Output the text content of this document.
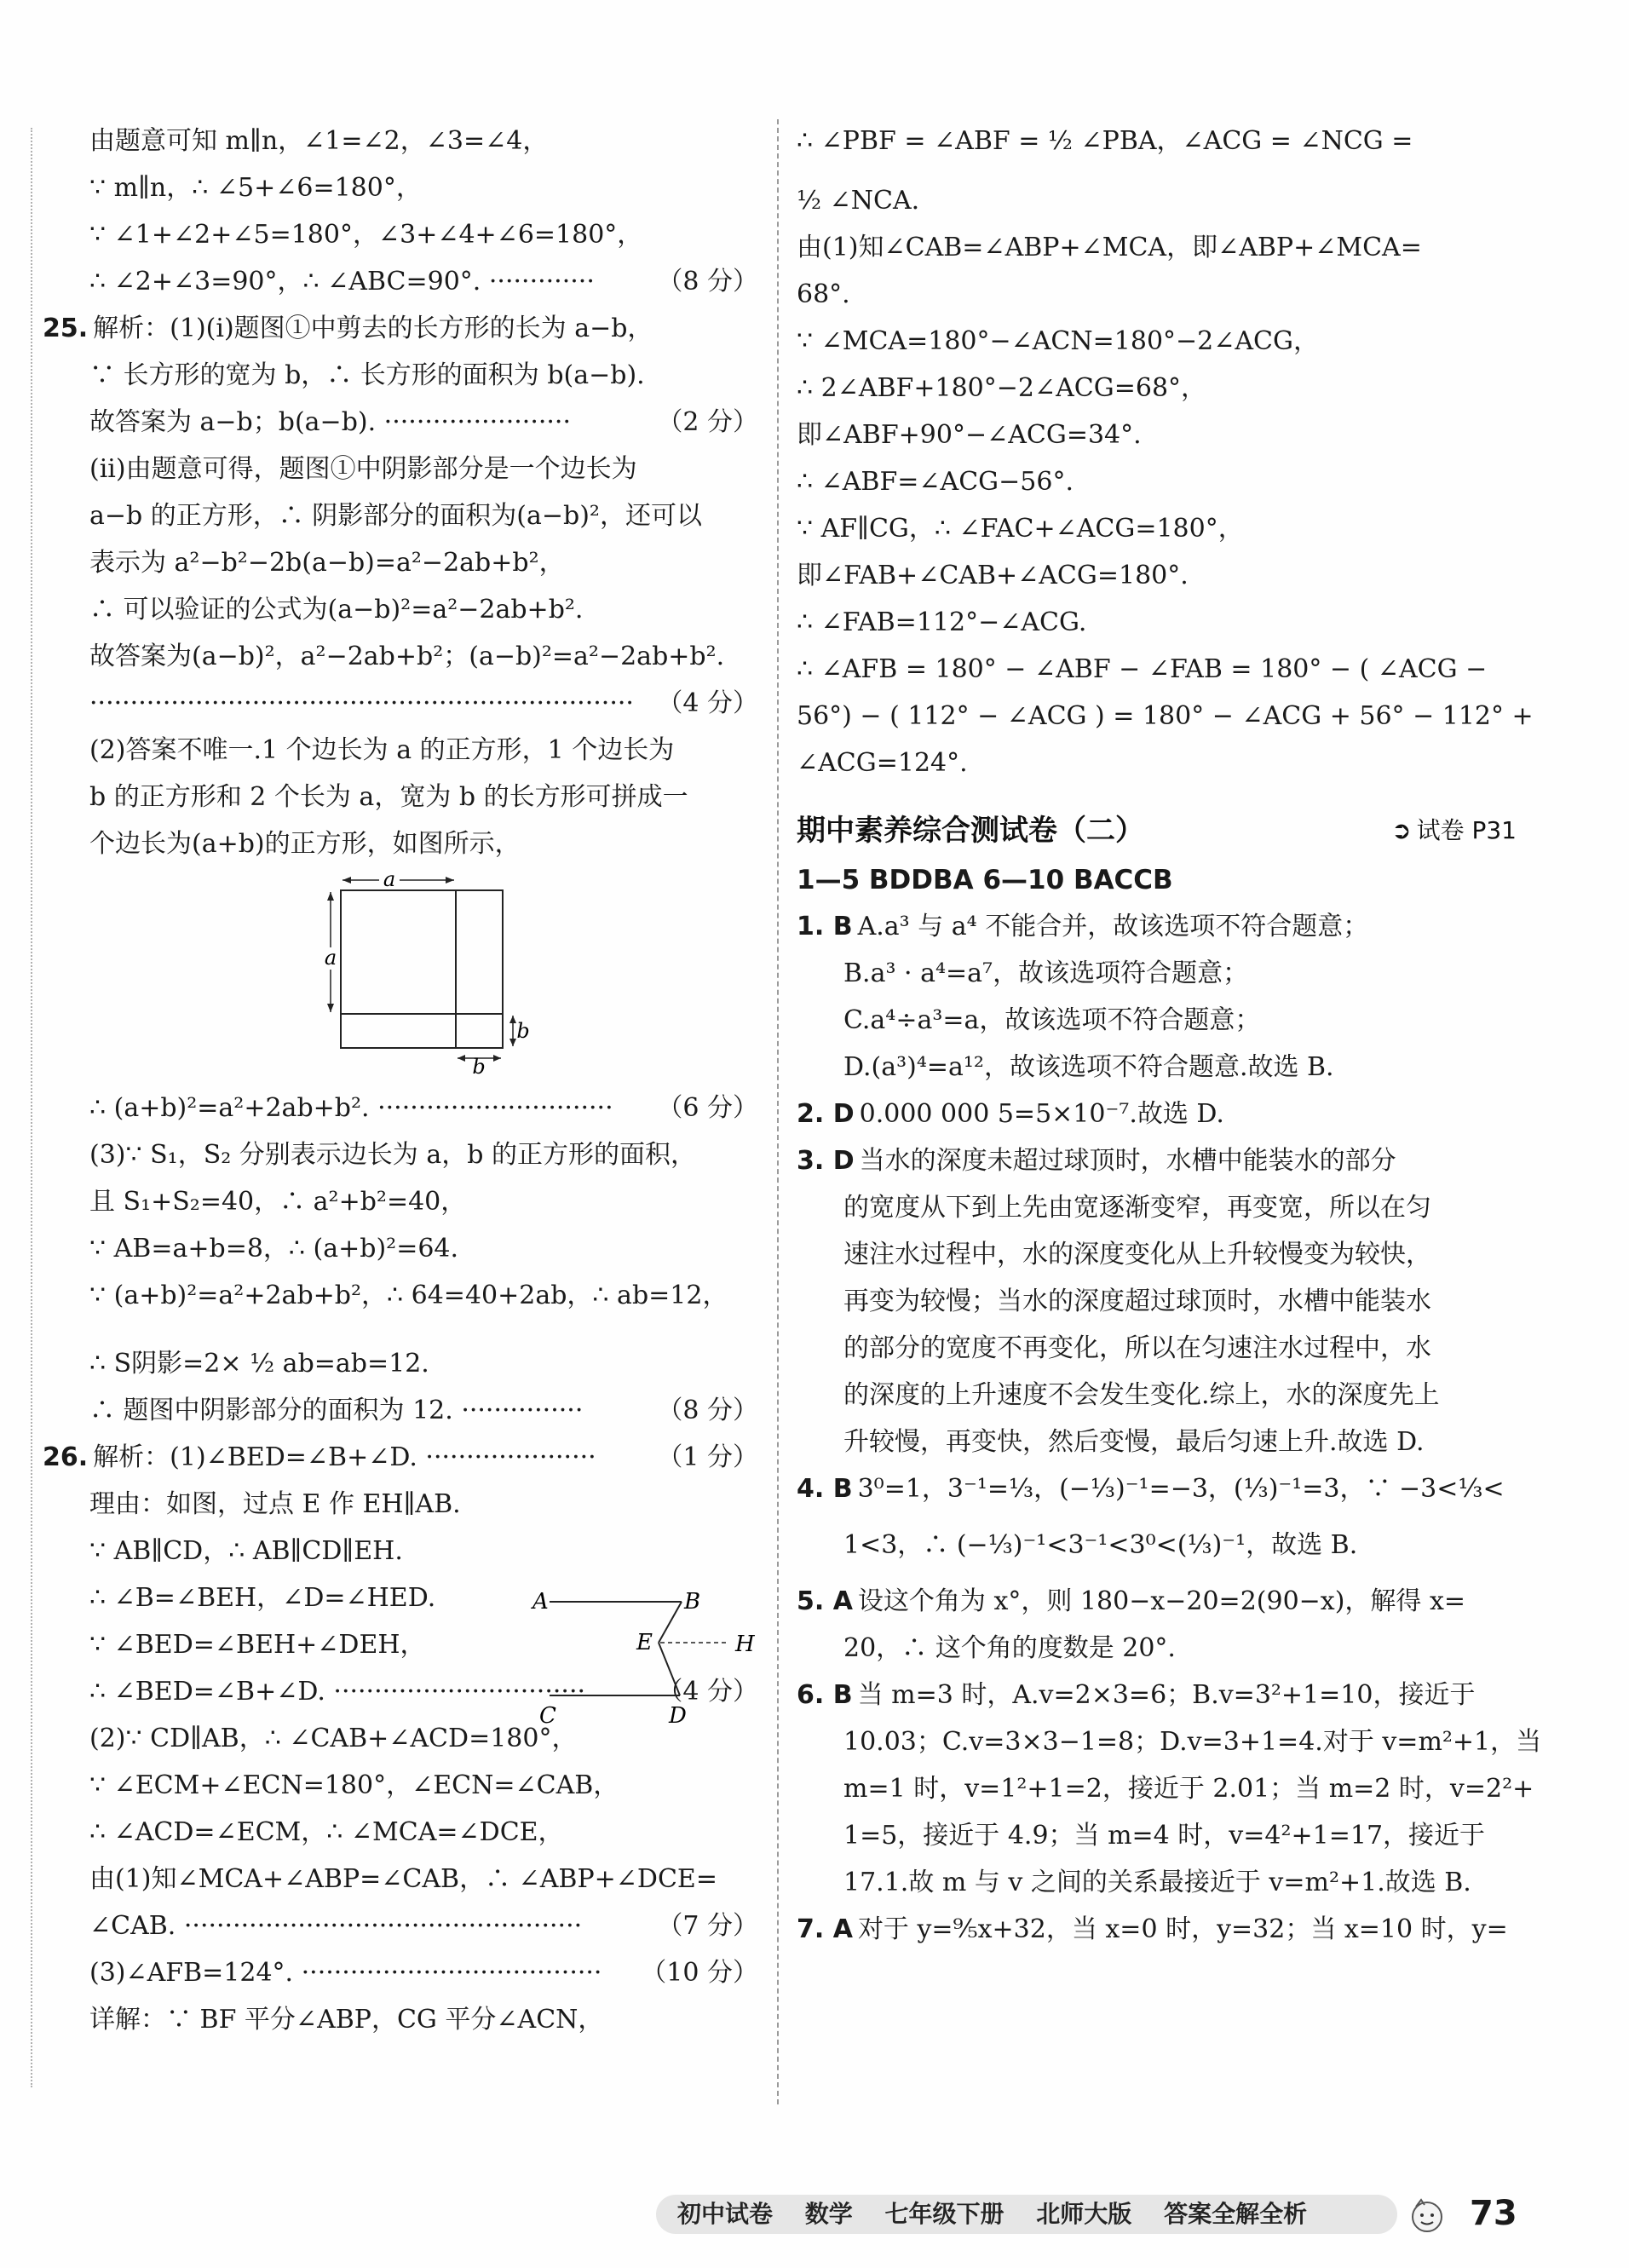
由题意可知 m∥n，∠1=∠2，∠3=∠4，
∵ m∥n，∴ ∠5+∠6=180°，
∵ ∠1+∠2+∠5=180°，∠3+∠4+∠6=180°，
∴ ∠2+∠3=90°，∴ ∠ABC=90°. ············· （8 分）
25. 解析：(1)(i)题图①中剪去的长方形的长为 a−b，
∵ 长方形的宽为 b，∴ 长方形的面积为 b(a−b).
故答案为 a−b；b(a−b). ·······················	（2 分）
(ii)由题意可得，题图①中阴影部分是一个边长为
a−b 的正方形，∴ 阴影部分的面积为(a−b)²，还可以
表示为 a²−b²−2b(a−b)=a²−2ab+b²，
∴ 可以验证的公式为(a−b)²=a²−2ab+b².
故答案为(a−b)²，a²−2ab+b²；(a−b)²=a²−2ab+b².
··································································· （4 分）
(2)答案不唯一.1 个边长为 a 的正方形，1 个边长为
b 的正方形和 2 个长为 a，宽为 b 的长方形可拼成一
个边长为(a+b)的正方形，如图所示，
∴ (a+b)²=a²+2ab+b². ····························· （6 分）
(3)∵ S₁，S₂ 分别表示边长为 a，b 的正方形的面积，
且 S₁+S₂=40，∴ a²+b²=40，
∵ AB=a+b=8，∴ (a+b)²=64.
∵ (a+b)²=a²+2ab+b²，∴ 64=40+2ab，∴ ab=12，
∴ S阴影=2× ½ ab=ab=12.
∴ 题图中阴影部分的面积为 12. ···············	（8 分）
26. 解析：(1)∠BED=∠B+∠D. ····················· （1 分）
理由：如图，过点 E 作 EH∥AB.
∵ AB∥CD，∴ AB∥CD∥EH.
∴ ∠B=∠BEH，∠D=∠HED.
∵ ∠BED=∠BEH+∠DEH，
∴ ∠BED=∠B+∠D. ·······························	（4 分）
(2)∵ CD∥AB，∴ ∠CAB+∠ACD=180°，
∵ ∠ECM+∠ECN=180°，∠ECN=∠CAB，
∴ ∠ACD=∠ECM，∴ ∠MCA=∠DCE，
由(1)知∠MCA+∠ABP=∠CAB，∴ ∠ABP+∠DCE=
∠CAB. ·················································	（7 分）
(3)∠AFB=124°. ····································· （10 分）
详解：∵ BF 平分∠ABP，CG 平分∠ACN，
∴ ∠PBF = ∠ABF = ½ ∠PBA，∠ACG = ∠NCG =
½ ∠NCA.
由(1)知∠CAB=∠ABP+∠MCA，即∠ABP+∠MCA=
68°.
∵ ∠MCA=180°−∠ACN=180°−2∠ACG，
∴ 2∠ABF+180°−2∠ACG=68°，
即∠ABF+90°−∠ACG=34°.
∴ ∠ABF=∠ACG−56°.
∵ AF∥CG，∴ ∠FAC+∠ACG=180°，
即∠FAB+∠CAB+∠ACG=180°.
∴ ∠FAB=112°−∠ACG.
∴ ∠AFB = 180° − ∠ABF − ∠FAB = 180° − ( ∠ACG −
56°) − ( 112° − ∠ACG ) = 180° − ∠ACG + 56° − 112° +
∠ACG=124°.
期中素养综合测试卷（二）	➲ 试卷 P31
1—5 BDDBA 6—10 BACCB
1. B A.a³ 与 a⁴ 不能合并，故该选项不符合题意；
B.a³ · a⁴=a⁷，故该选项符合题意；
C.a⁴÷a³=a，故该选项不符合题意；
D.(a³)⁴=a¹²，故该选项不符合题意.故选 B.
2. D 0.000 000 5=5×10⁻⁷.故选 D.
3. D 当水的深度未超过球顶时，水槽中能装水的部分
的宽度从下到上先由宽逐渐变窄，再变宽，所以在匀
速注水过程中，水的深度变化从上升较慢变为较快，
再变为较慢；当水的深度超过球顶时，水槽中能装水
的部分的宽度不再变化，所以在匀速注水过程中，水
的深度的上升速度不会发生变化.综上，水的深度先上
升较慢，再变快，然后变慢，最后匀速上升.故选 D.
4. B 3⁰=1，3⁻¹=⅓，(−⅓)⁻¹=−3，(⅓)⁻¹=3，∵ −3<⅓<
1<3，∴ (−⅓)⁻¹<3⁻¹<3⁰<(⅓)⁻¹，故选 B.
5. A 设这个角为 x°，则 180−x−20=2(90−x)，解得 x=
20，∴ 这个角的度数是 20°.
6. B 当 m=3 时，A.v=2×3=6；B.v=3²+1=10，接近于
10.03；C.v=3×3−1=8；D.v=3+1=4.对于 v=m²+1，当
m=1 时，v=1²+1=2，接近于 2.01；当 m=2 时，v=2²+
1=5，接近于 4.9；当 m=4 时，v=4²+1=17，接近于
17.1.故 m 与 v 之间的关系最接近于 v=m²+1.故选 B.
7. A 对于 y=⁹⁄₅x+32，当 x=0 时，y=32；当 x=10 时，y=
a
a
b
b
A	B
E	H
C	D
初中试卷 数学 七年级下册 北师大版 答案全解全析	73
